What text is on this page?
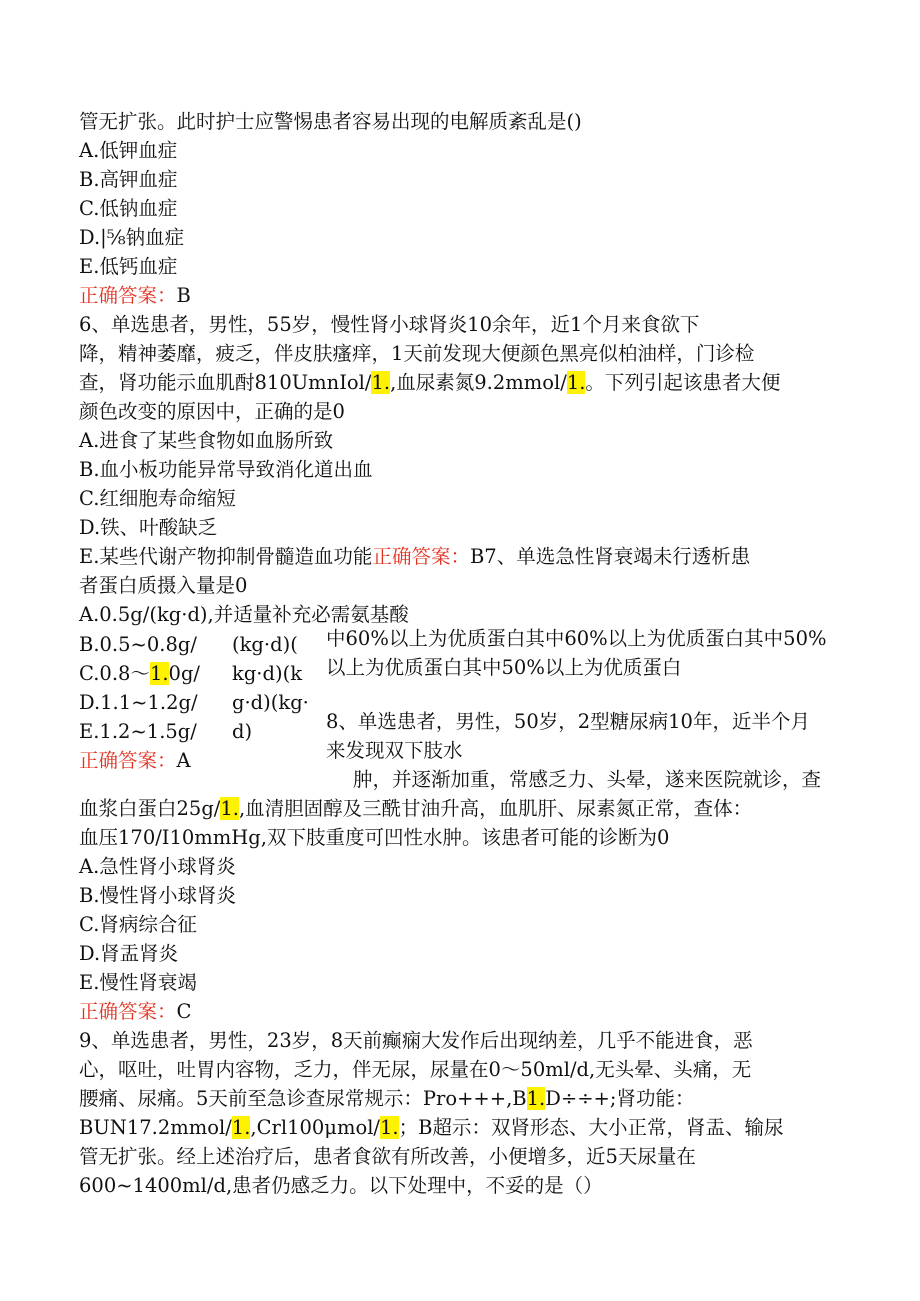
管无扩张。此时护士应警惕患者容易出现的电解质紊乱是()
A.低钾血症
B.高钾血症
C.低钠血症
D.|⅝钠血症
E.低钙血症
正确答案：B
6、单选患者，男性，55岁，慢性肾小球肾炎10余年，近1个月来食欲下
降，精神萎靡，疲乏，伴皮肤瘙痒，1天前发现大便颜色黑亮似柏油样，门诊检
查，肾功能示血肌酎810UmnIol/1.,血尿素氮9.2mmol/1.。下列引起该患者大便
颜色改变的原因中，正确的是0
A.进食了某些食物如血肠所致
B.血小板功能异常导致消化道出血
C.红细胞寿命缩短
D.铁、叶酸缺乏
E.某些代谢产物抑制骨髓造血功能正确答案：B7、单选急性肾衰竭未行透析患
者蛋白质摄入量是0
A.0.5g/(kg·d),并适量补充必需氨基酸
B.0.5~0.8g/
C.0.8～1.0g/
D.1.1~1.2g/
E.1.2~1.5g/
(kg·d)(
kg·d)(k
g·d)(kg·
d)
中60%以上为优质蛋白其中60%以上为优质蛋白其中50%
以上为优质蛋白其中50%以上为优质蛋白
正确答案：A
8、单选患者，男性，50岁，2型糖尿病10年，近半个月
来发现双下肢水
肿，并逐渐加重，常感乏力、头晕，遂来医院就诊，查
血浆白蛋白25g/1.,血清胆固醇及三酰甘油升高，血肌肝、尿素氮正常，查体：
血压170/I10mmHg,双下肢重度可凹性水肿。该患者可能的诊断为0
A.急性肾小球肾炎
B.慢性肾小球肾炎
C.肾病综合征
D.肾盂肾炎
E.慢性肾衰竭
正确答案：C
9、单选患者，男性，23岁，8天前癫痫大发作后出现纳差，几乎不能进食，恶
心，呕吐，吐胃内容物，乏力，伴无尿，尿量在0～50ml/d,无头晕、头痛，无
腰痛、尿痛。5天前至急诊查尿常规示：Pro+++,B1.D÷÷+;肾功能：
BUN17.2mmol/1.,Crl100μmol/1.；B超示：双肾形态、大小正常，肾盂、输尿
管无扩张。经上述治疗后，患者食欲有所改善，小便增多，近5天尿量在
600~1400ml/d,患者仍感乏力。以下处理中，不妥的是（）
